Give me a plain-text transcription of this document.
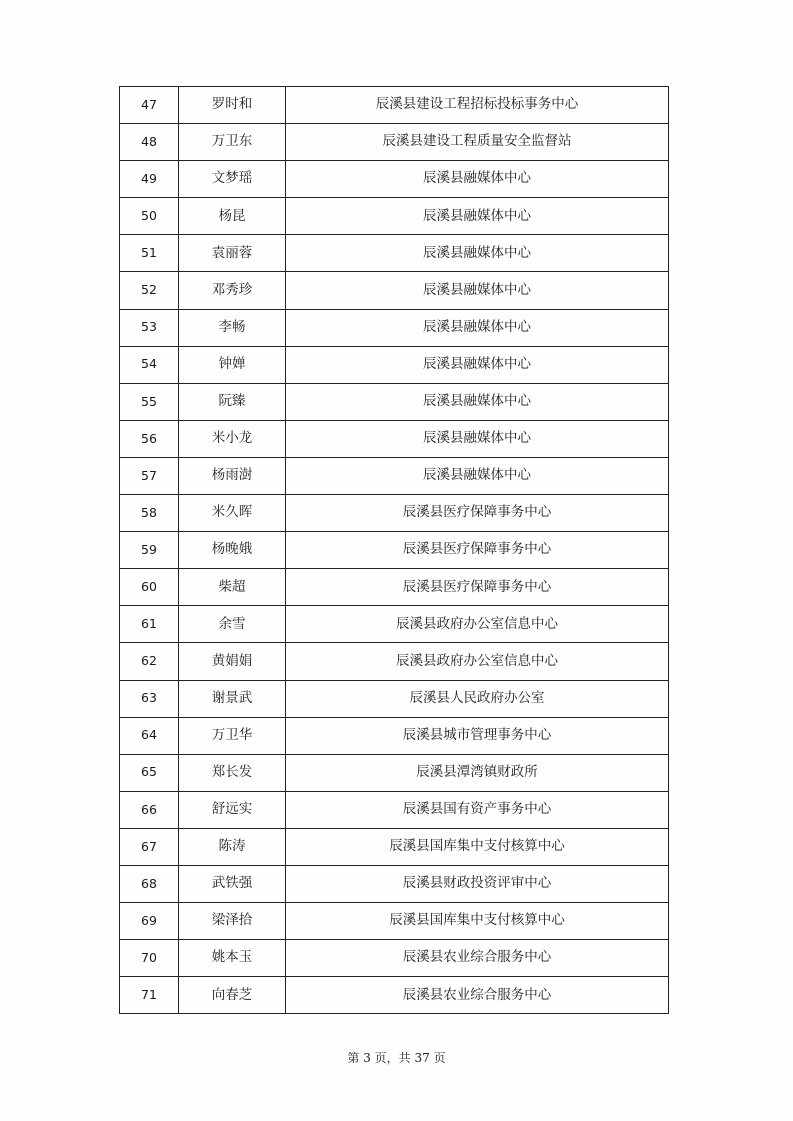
47	罗时和	辰溪县建设工程招标投标事务中心
48	万卫东	辰溪县建设工程质量安全监督站
49	文梦瑶	辰溪县融媒体中心
50	杨昆	辰溪县融媒体中心
51	袁丽蓉	辰溪县融媒体中心
52	邓秀珍	辰溪县融媒体中心
53	李畅	辰溪县融媒体中心
54	钟婵	辰溪县融媒体中心
55	阮臻	辰溪县融媒体中心
56	米小龙	辰溪县融媒体中心
57	杨雨澍	辰溪县融媒体中心
58	米久晖	辰溪县医疗保障事务中心
59	杨晚娥	辰溪县医疗保障事务中心
60	柴超	辰溪县医疗保障事务中心
61	余雪	辰溪县政府办公室信息中心
62	黄娟娟	辰溪县政府办公室信息中心
63	谢景武	辰溪县人民政府办公室
64	万卫华	辰溪县城市管理事务中心
65	郑长发	辰溪县潭湾镇财政所
66	舒远实	辰溪县国有资产事务中心
67	陈涛	辰溪县国库集中支付核算中心
68	武铁强	辰溪县财政投资评审中心
69	梁泽拾	辰溪县国库集中支付核算中心
70	姚本玉	辰溪县农业综合服务中心
71	向春芝	辰溪县农业综合服务中心
第 3 页，共 37 页
